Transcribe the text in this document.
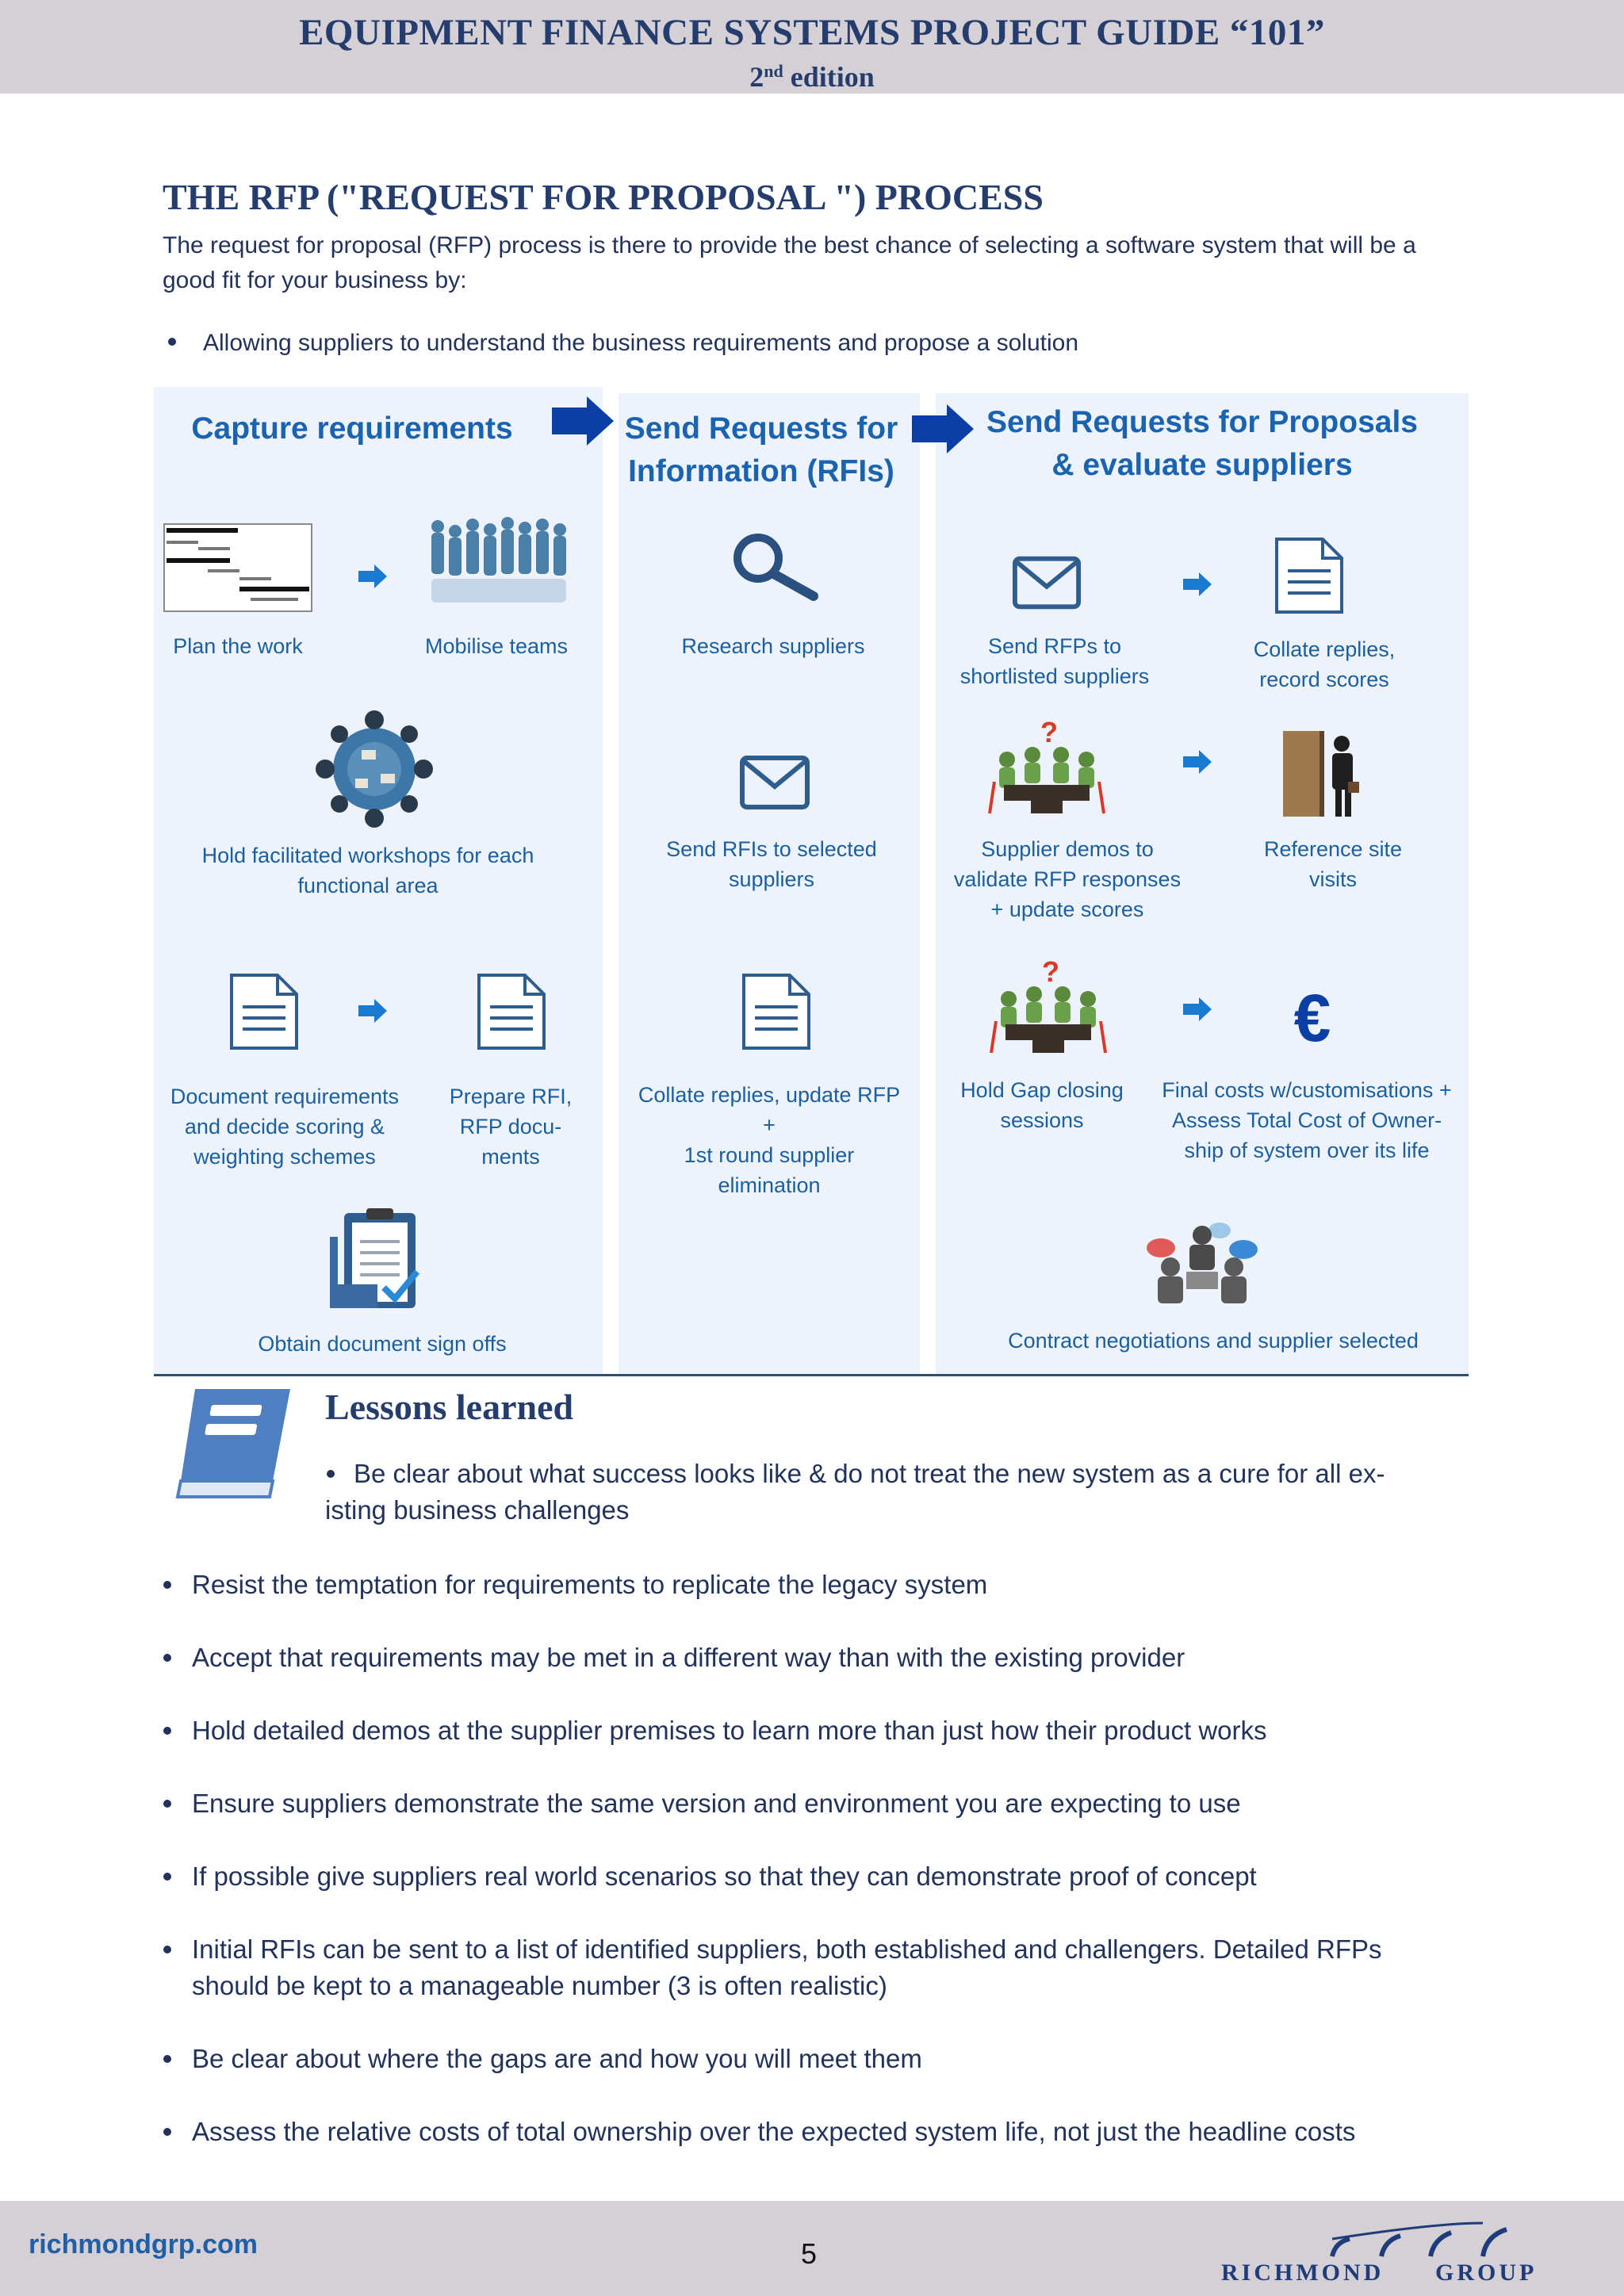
EQUIPMENT FINANCE SYSTEMS PROJECT GUIDE “101”
2nd edition
THE RFP ("REQUEST FOR PROPOSAL ") PROCESS
The request for proposal (RFP) process is there to provide the best chance of selecting a software system that will be a good fit for your business by:
Allowing suppliers to understand the business requirements and propose a solution
Capture requirements
Plan the work	Mobilise teams
Hold facilitated workshops for each
functional area
Document requirements
and decide scoring &
weighting schemes
Prepare RFI,
RFP docu-
ments
Obtain document sign offs
Send Requests for
Information (RFIs)
Research suppliers
Send RFIs to selected
suppliers
Collate replies, update RFP
+
1st round supplier
elimination
Send Requests for Proposals
& evaluate suppliers
Send RFPs to
shortlisted suppliers
Collate replies,
record scores
?
Supplier demos to
validate RFP responses
+ update scores
Reference site
visits
?
€
Hold Gap closing
sessions
Final costs w/customisations +
Assess Total Cost of Owner-
ship of system over its life
Contract negotiations and supplier selected
Lessons learned
Be clear about what success looks like & do not treat the new system as a cure for all ex-
isting business challenges
Resist the temptation for requirements to replicate the legacy system
Accept that requirements may be met in a different way than with the existing provider
Hold detailed demos at the supplier premises to learn more than just how their product works
Ensure suppliers demonstrate the same version and environment you are expecting to use
If possible give suppliers real world scenarios so that they can demonstrate proof of concept
Initial RFIs can be sent to a list of identified suppliers, both established and challengers. Detailed RFPs
should be kept to a manageable number (3 is often realistic)
Be clear about where the gaps are and how you will meet them
Assess the relative costs of total ownership over the expected system life, not just the headline costs
richmondgrp.com	5
RICHMOND GROUP
